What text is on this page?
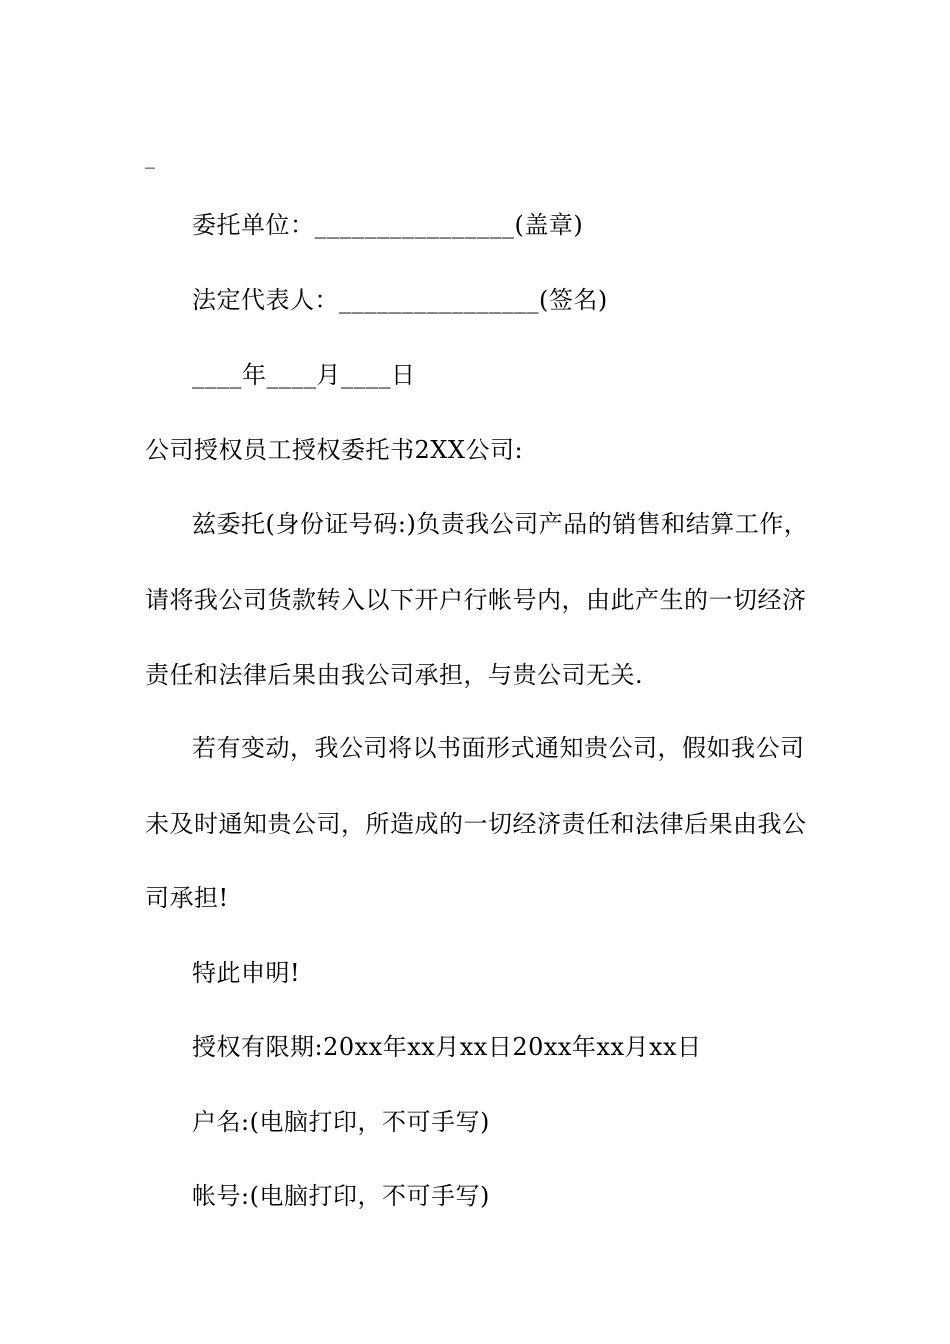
_
委托单位：________________(盖章)
法定代表人：________________(签名)
____年____月____日
公司授权员工授权委托书2XX公司:
兹委托(身份证号码:)负责我公司产品的销售和结算工作，
请将我公司货款转入以下开户行帐号内，由此产生的一切经济
责任和法律后果由我公司承担，与贵公司无关.
若有变动，我公司将以书面形式通知贵公司，假如我公司
未及时通知贵公司，所造成的一切经济责任和法律后果由我公
司承担!
特此申明!
授权有限期:20xx年xx月xx日20xx年xx月xx日
户名:(电脑打印，不可手写)
帐号:(电脑打印，不可手写)
